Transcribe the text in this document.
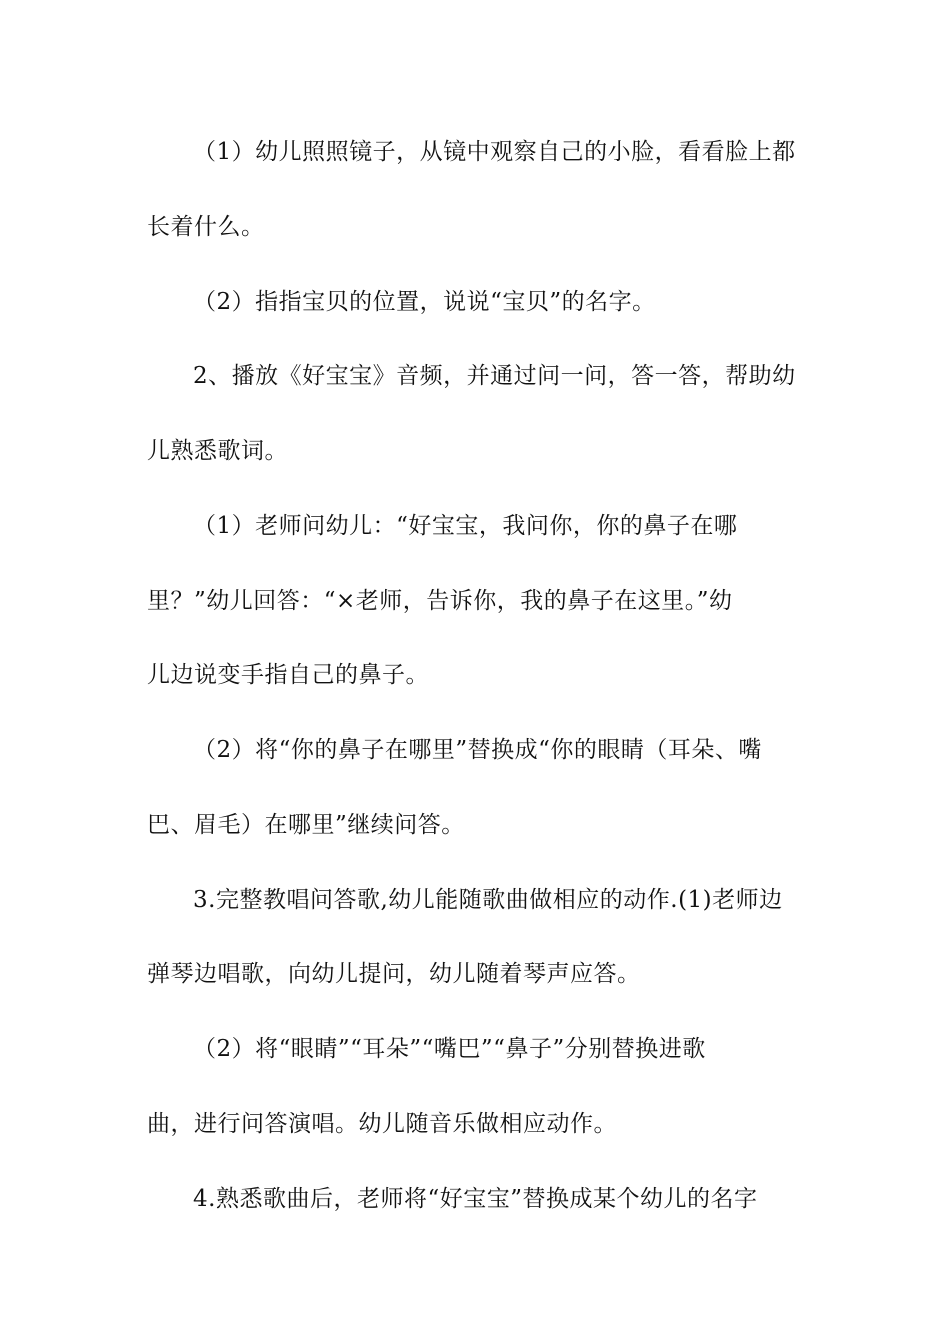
（1）幼儿照照镜子，从镜中观察自己的小脸，看看脸上都
长着什么。
（2）指指宝贝的位置，说说“宝贝”的名字。
2、播放《好宝宝》音频，并通过问一问，答一答，帮助幼
儿熟悉歌词。
（1）老师问幼儿：“好宝宝，我问你，你的鼻子在哪
里？”幼儿回答：“×老师，告诉你，我的鼻子在这里。”幼
儿边说变手指自己的鼻子。
（2）将“你的鼻子在哪里”替换成“你的眼睛（耳朵、嘴
巴、眉毛）在哪里”继续问答。
3.完整教唱问答歌,幼儿能随歌曲做相应的动作.(1)老师边
弹琴边唱歌，向幼儿提问，幼儿随着琴声应答。
（2）将“眼睛”“耳朵”“嘴巴”“鼻子”分别替换进歌
曲，进行问答演唱。幼儿随音乐做相应动作。
4.熟悉歌曲后，老师将“好宝宝”替换成某个幼儿的名字
